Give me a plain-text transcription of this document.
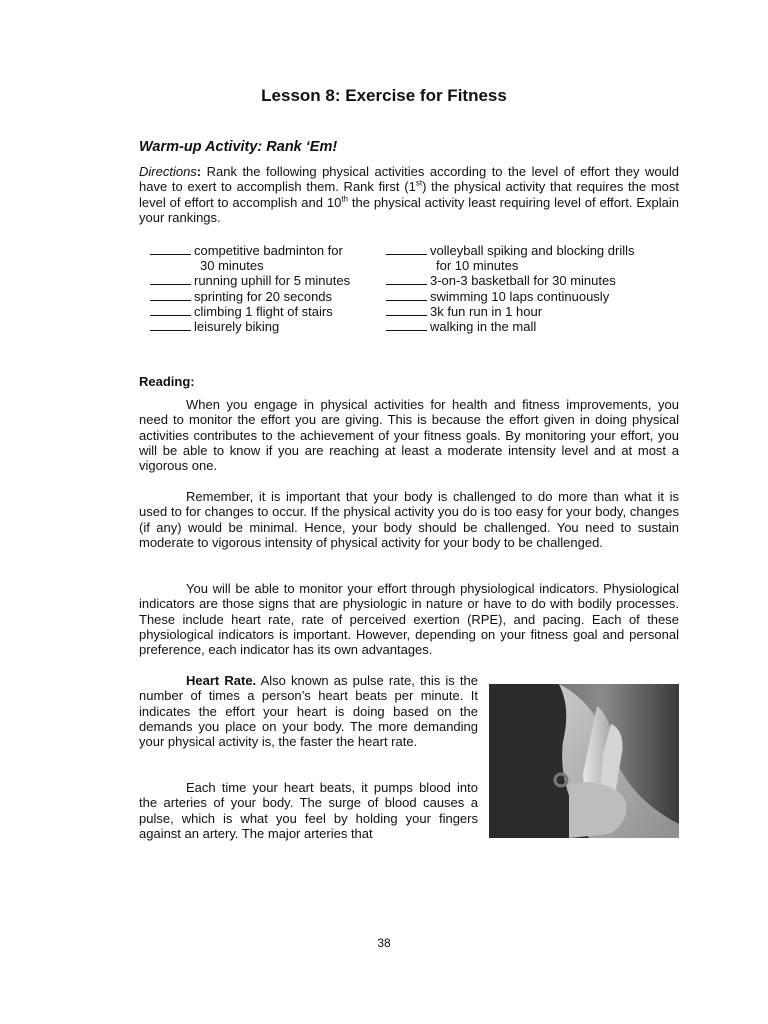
Lesson 8: Exercise for Fitness
Warm-up Activity: Rank ‘Em!

Directions: Rank the following physical activities according to the level of effort they would have to exert to accomplish them. Rank first (1st) the physical activity that requires the most level of effort to accomplish and 10th the physical activity least requiring level of effort. Explain your rankings.

competitive badminton for
30 minutes
running uphill for 5 minutes
sprinting for 20 seconds
climbing 1 flight of stairs
leisurely biking
volleyball spiking and blocking drills
for 10 minutes
3-on-3 basketball for 30 minutes
swimming 10 laps continuously
3k fun run in 1 hour
walking in the mall
Reading:

When you engage in physical activities for health and fitness improvements, you need to monitor the effort you are giving. This is because the effort given in doing physical activities contributes to the achievement of your fitness goals. By monitoring your effort, you will be able to know if you are reaching at least a moderate intensity level and at most a vigorous one.

Remember, it is important that your body is challenged to do more than what it is used to for changes to occur. If the physical activity you do is too easy for your body, changes (if any) would be minimal. Hence, your body should be challenged. You need to sustain moderate to vigorous intensity of physical activity for your body to be challenged.

You will be able to monitor your effort through physiological indicators. Physiological indicators are those signs that are physiologic in nature or have to do with bodily processes. These include heart rate, rate of perceived exertion (RPE), and pacing. Each of these physiological indicators is important. However, depending on your fitness goal and personal preference, each indicator has its own advantages.

Heart Rate. Also known as pulse rate, this is the number of times a person’s heart beats per minute. It indicates the effort your heart is doing based on the demands you place on your body. The more demanding your physical activity is, the faster the heart rate.

Each time your heart beats, it pumps blood into the arteries of your body. The surge of blood causes a pulse, which is what you feel by holding your fingers against an artery. The major arteries that

38
